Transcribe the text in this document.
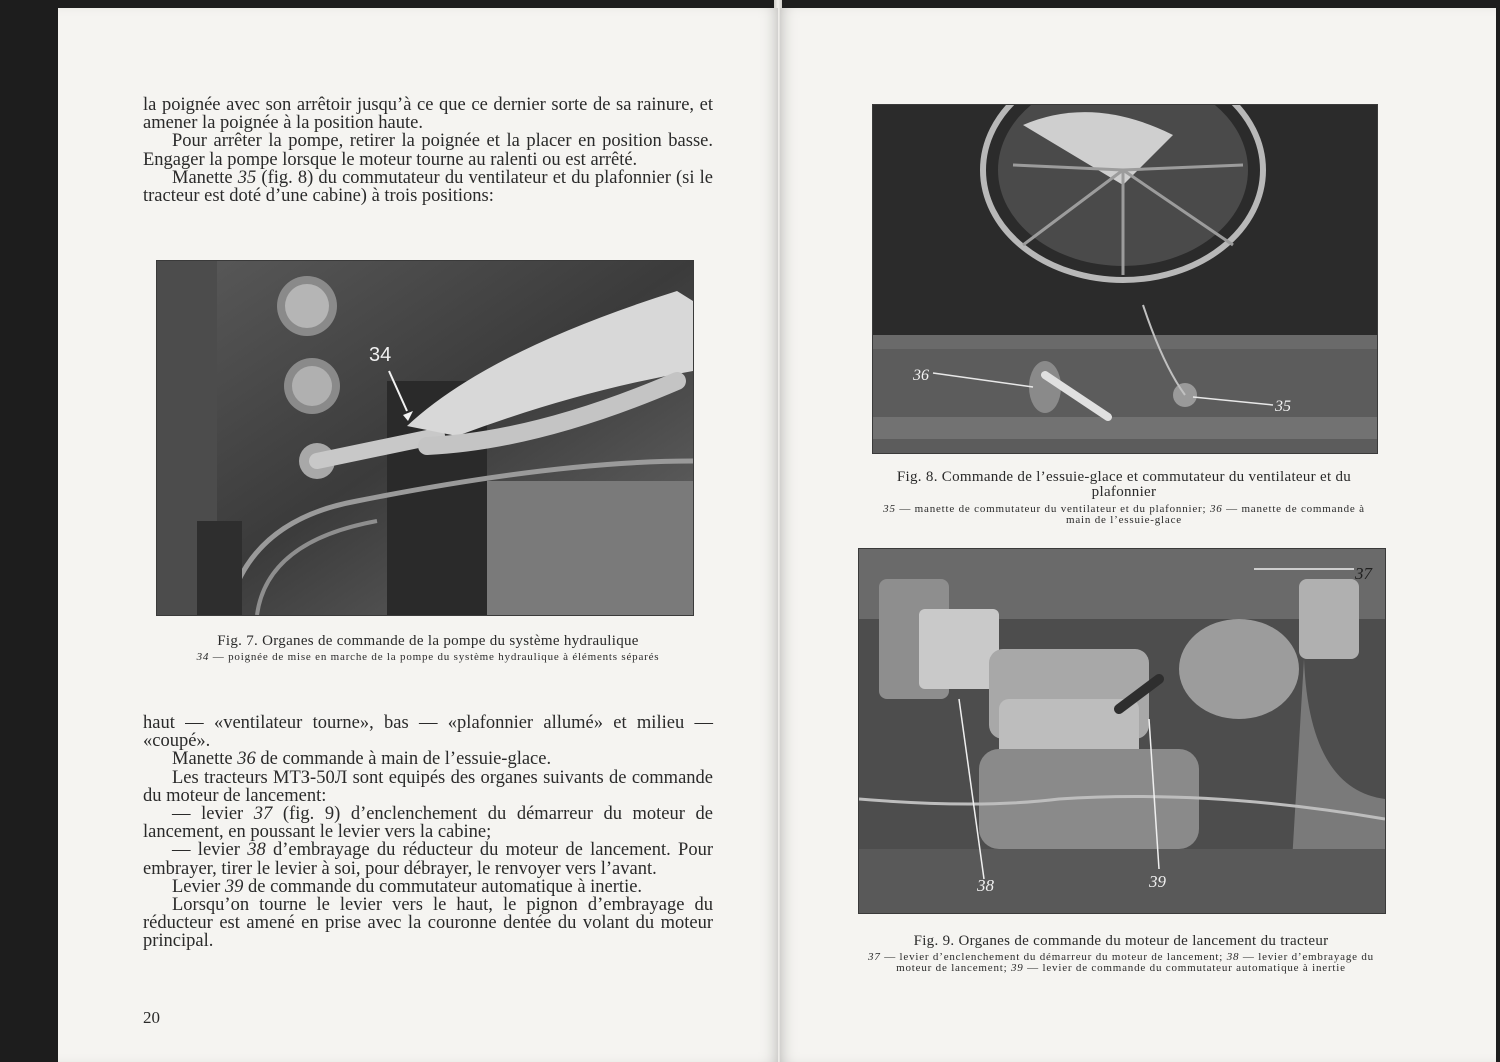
la poignée avec son arrêtoir jusqu’à ce que ce dernier sorte de sa rainure, et amener la poignée à la position haute.

Pour arrêter la pompe, retirer la poignée et la placer en position basse. Engager la pompe lorsque le moteur tourne au ralenti ou est arrêté.

Manette 35 (fig. 8) du commutateur du ventilateur et du plafonnier (si le tracteur est doté d’une cabine) à trois positions:

34
Fig. 7. Organes de commande de la pompe du système hydraulique
34 — poignée de mise en marche de la pompe du système hydraulique à éléments séparés

haut — «ventilateur tourne», bas — «plafonnier allumé» et milieu — «coupé».

Manette 36 de commande à main de l’essuie-glace.

Les tracteurs МТЗ-50Л sont equipés des organes suivants de commande du moteur de lancement:

— levier 37 (fig. 9) d’enclenchement du démarreur du moteur de lancement, en poussant le levier vers la cabine;

— levier 38 d’embrayage du réducteur du moteur de lancement. Pour embrayer, tirer le levier à soi, pour débrayer, le renvoyer vers l’avant.

Levier 39 de commande du commutateur automatique à inertie.

Lorsqu’on tourne le levier vers le haut, le pignon d’embrayage du réducteur est amené en prise avec la couronne dentée du volant du moteur principal.

20
36
35
Fig. 8. Commande de l’essuie-glace et commutateur du ventilateur et du plafonnier
35 — manette de commutateur du ventilateur et du plafonnier; 36 — manette de commande à main de l’essuie-glace
37
38	39
Fig. 9. Organes de commande du moteur de lancement du tracteur
37 — levier d’enclenchement du démarreur du moteur de lancement; 38 — levier d’embrayage du moteur de lancement; 39 — levier de commande du commutateur automatique à inertie
